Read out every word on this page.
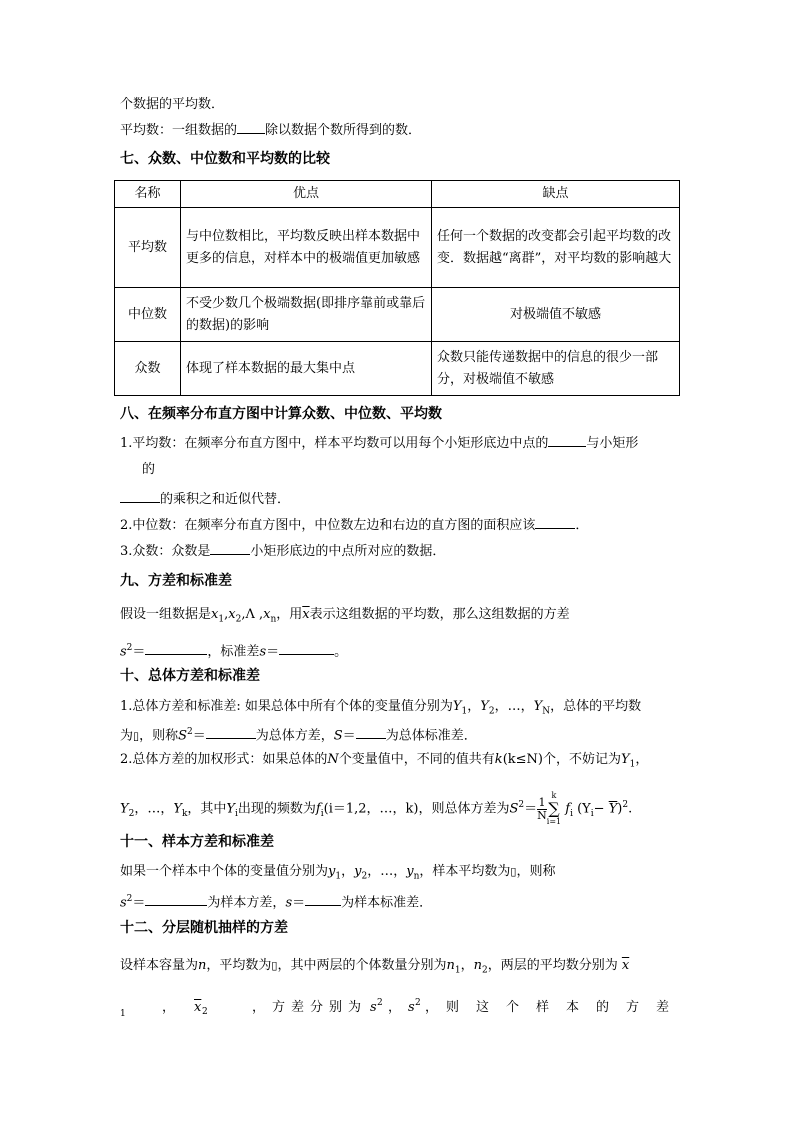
个数据的平均数．
平均数：一组数据的 除以数据个数所得到的数．
七、众数、中位数和平均数的比较
名称	优点	缺点
平均数	与中位数相比，平均数反映出样本数据中更多的信息，对样本中的极端值更加敏感	任何一个数据的改变都会引起平均数的改变．数据越“离群”，对平均数的影响越大
中位数	不受少数几个极端数据(即排序靠前或靠后的数据)的影响	对极端值不敏感
众数	体现了样本数据的最大集中点	众数只能传递数据中的信息的很少一部分，对极端值不敏感
八、在频率分布直方图中计算众数、中位数、平均数
1.平均数：在频率分布直方图中，样本平均数可以用每个小矩形底边中点的	与小矩形
的
的乘积之和近似代替．
2.中位数：在频率分布直方图中，中位数左边和右边的直方图的面积应该	．
3.众数：众数是	小矩形底边的中点所对应的数据．
九、方差和标准差
假设一组数据是$x_1,x_2,\Lambda$ $,x_n$，用$\overline{x}$表示这组数据的平均数，那么这组数据的方差
$s^2=$	，标准差s＝	。
十、总体方差和标准差
1.总体方差和标准差: 如果总体中所有个体的变量值分别为$Y_1$，$Y_2$，…，$Y_N$，总体的平均数
为▯，则称$S^2=$	为总体方差，S＝ 为总体标准差．
2.总体方差的加权形式：如果总体的N个变量值中，不同的值共有k(k≤N)个，不妨记为$Y_1$，
$Y_2$，…，$Y_k$，其中$Y_i$出现的频数为$f_i(i=1,2$，…，k)，则总体方差为$S^2= \frac{1}{N}$
k
∑
i=1
$f_i$ $(Y_i- \overline{Y})^2$.
十一、样本方差和标准差
如果一个样本中个体的变量值分别为$y_1$，$y_2$，…，$y_n$，样本平均数为▯，则称
$s^2=$	为样本方差，s＝	为样本标准差．
十二、分层随机抽样的方差
设样本容量为n，平均数为▯，其中两层的个体数量分别为$n_1$，$n_2$，两层的平均数分别为 $\overline{x}$
1	， $\overline{x}$ 2	， 方 差 分 别 为 s 2 ， s 2 ， 则 这 个 样 本 的 方 差
